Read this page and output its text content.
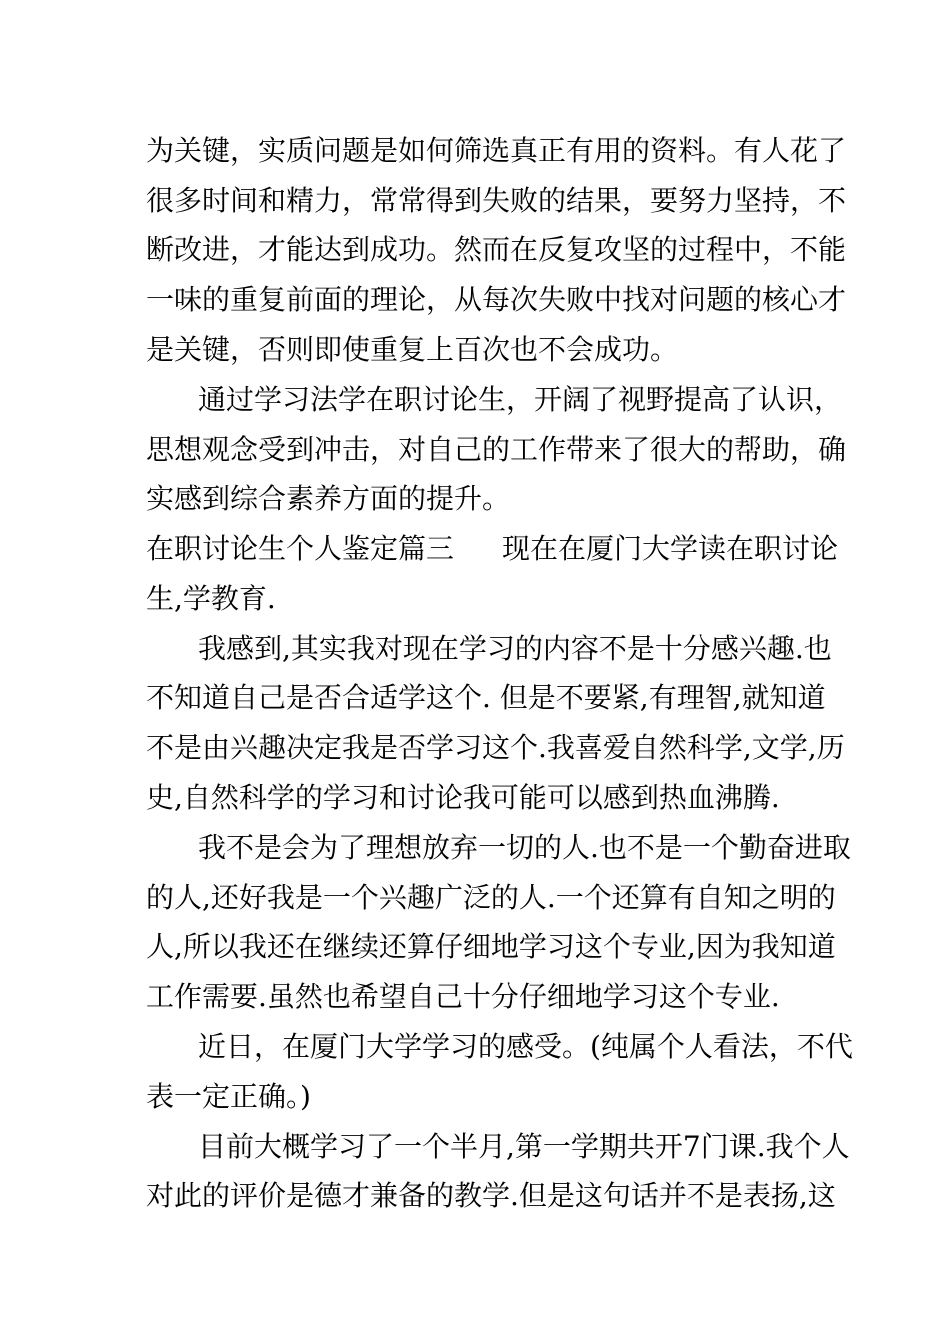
为关键，实质问题是如何筛选真正有用的资料。有人花了
很多时间和精力，常常得到失败的结果，要努力坚持，不
断改进，才能达到成功。然而在反复攻坚的过程中，不能
一味的重复前面的理论，从每次失败中找对问题的核心才
是关键，否则即使重复上百次也不会成功。
通过学习法学在职讨论生，开阔了视野提高了认识，
思想观念受到冲击，对自己的工作带来了很大的帮助，确
实感到综合素养方面的提升。
在职讨论生个人鉴定篇三 现在在厦门大学读在职讨论
生,学教育.
我感到,其实我对现在学习的内容不是十分感兴趣.也
不知道自己是否合适学这个. 但是不要紧,有理智,就知道
不是由兴趣决定我是否学习这个.我喜爱自然科学,文学,历
史,自然科学的学习和讨论我可能可以感到热血沸腾.
我不是会为了理想放弃一切的人.也不是一个勤奋进取
的人,还好我是一个兴趣广泛的人.一个还算有自知之明的
人,所以我还在继续还算仔细地学习这个专业,因为我知道
工作需要.虽然也希望自己十分仔细地学习这个专业.
近日，在厦门大学学习的感受。(纯属个人看法，不代
表一定正确。)
目前大概学习了一个半月,第一学期共开7门课.我个人
对此的评价是德才兼备的教学.但是这句话并不是表扬,这
